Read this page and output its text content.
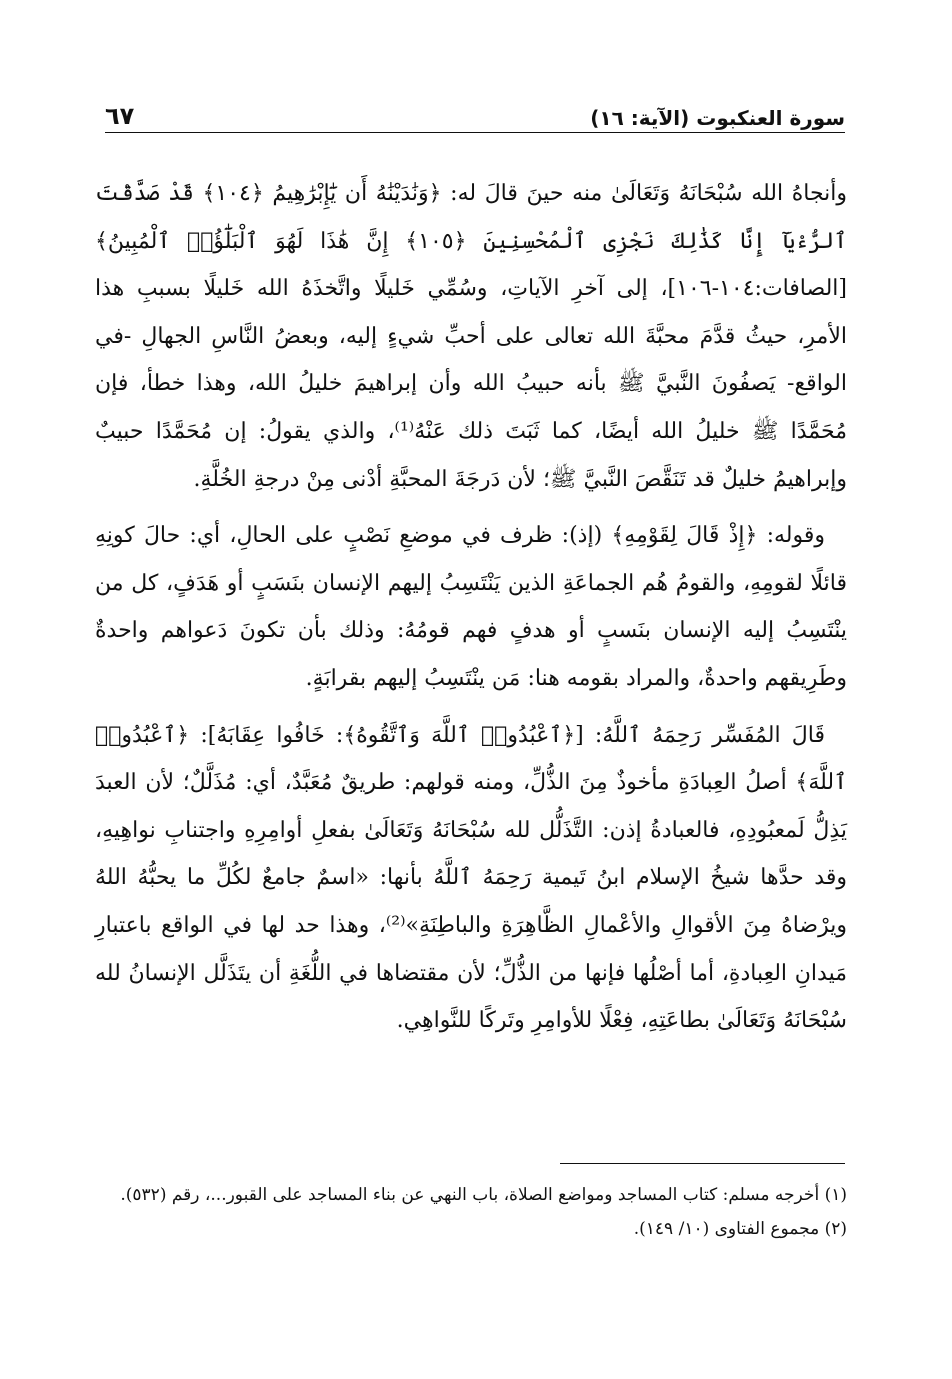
سورة العنكبوت (الآية: ١٦)
٦٧

وأنجاهُ الله سُبْحَانَهُ وَتَعَالَىٰ منه حينَ قالَ له: ﴿وَنَٰدَيْنَٰهُ أَن يَٰٓإِبْرَٰهِيمُ ﴿١٠٤﴾ قَدْ صَدَّقْتَ ٱلرُّءْيَآ إِنَّا كَذَٰلِكَ نَجْزِى ٱلْمُحْسِنِينَ ﴿١٠٥﴾ إِنَّ هَٰذَا لَهُوَ ٱلْبَلَٰٓؤُا۟ ٱلْمُبِينُ﴾ [الصافات:١٠٤-١٠٦]، إلى آخرِ الآياتِ، وسُمِّي خَليلًا واتَّخذَهُ الله خَليلًا بسببِ هذا الأمرِ، حيثُ قدَّمَ محبَّةَ الله تعالى على أحبِّ شيءٍ إليه، وبعضُ النَّاسِ الجهالِ -في الواقع- يَصفُونَ النَّبيَّ ﷺ بأنه حبيبُ الله وأن إبراهيمَ خليلُ الله، وهذا خطأ، فإن مُحَمَّدًا ﷺ خليلُ الله أيضًا، كما ثَبَتَ ذلك عَنْهُ⁽¹⁾، والذي يقولُ: إن مُحَمَّدًا حبيبٌ وإبراهيمُ خليلٌ قد تَنَقَّصَ النَّبيَّ ﷺ؛ لأن دَرجَةَ المحبَّةِ أدْنى مِنْ درجةِ الخُلَّةِ.

وقوله: ﴿إِذْ قَالَ لِقَوْمِهِ﴾ (إذ): ظرف في موضعِ نَصْبٍ على الحالِ، أي: حالَ كونِهِ قائلًا لقومِهِ، والقومُ هُم الجماعَةِ الذين يَنْتَسِبُ إليهم الإنسان بنَسَبٍ أو هَدَفٍ، كل من ينْتَسِبُ إليه الإنسان بنَسبٍ أو هدفٍ فهم قومُهُ: وذلك بأن تكونَ دَعواهم واحدةٌ وطَرِيقهم واحدةٌ، والمراد بقومه هنا: مَن ينْتَسِبُ إليهم بقرابَةٍ.

قَالَ المُفَسِّر رَحِمَهُ ٱللَّهُ: [﴿ٱعْبُدُوا۟ ٱللَّهَ وَٱتَّقُوهُ﴾: خَافُوا عِقَابَهُ]: ﴿ٱعْبُدُوا۟ ٱللَّهَ﴾ أصلُ العِبادَةِ مأخوذٌ مِنَ الذُّلِّ، ومنه قولهم: طريقٌ مُعَبَّدٌ، أي: مُذَلَّلٌ؛ لأن العبدَ يَذِلُّ لَمعبُودِهِ، فالعبادةُ إذن: التَّذَلُّل لله سُبْحَانَهُ وَتَعَالَىٰ بفعلِ أوامِرِهِ واجتنابِ نواهِيهِ، وقد حدَّها شيخُ الإسلام ابنُ تَيمية رَحِمَهُ ٱللَّهُ بأنها: «اسمٌ جامعٌ لكُلِّ ما يحبُّهُ اللهُ ويرْضاهُ مِنَ الأقوالِ والأعْمالِ الظَّاهِرَةِ والباطِنَةِ»⁽²⁾، وهذا حد لها في الواقع باعتبارِ مَيدانِ العِبادةِ، أما أصْلُها فإنها من الذُّلِّ؛ لأن مقتضاها في اللُّغَةِ أن يتَذَلَّل الإنسانُ لله سُبْحَانَهُ وَتَعَالَىٰ بطاعَتِهِ، فِعْلًا للأوامِرِ وتَركًا للنَّواهِي.

(١) أخرجه مسلم: كتاب المساجد ومواضع الصلاة، باب النهي عن بناء المساجد على القبور...، رقم (٥٣٢).

(٢) مجموع الفتاوى (١٠/ ١٤٩).
